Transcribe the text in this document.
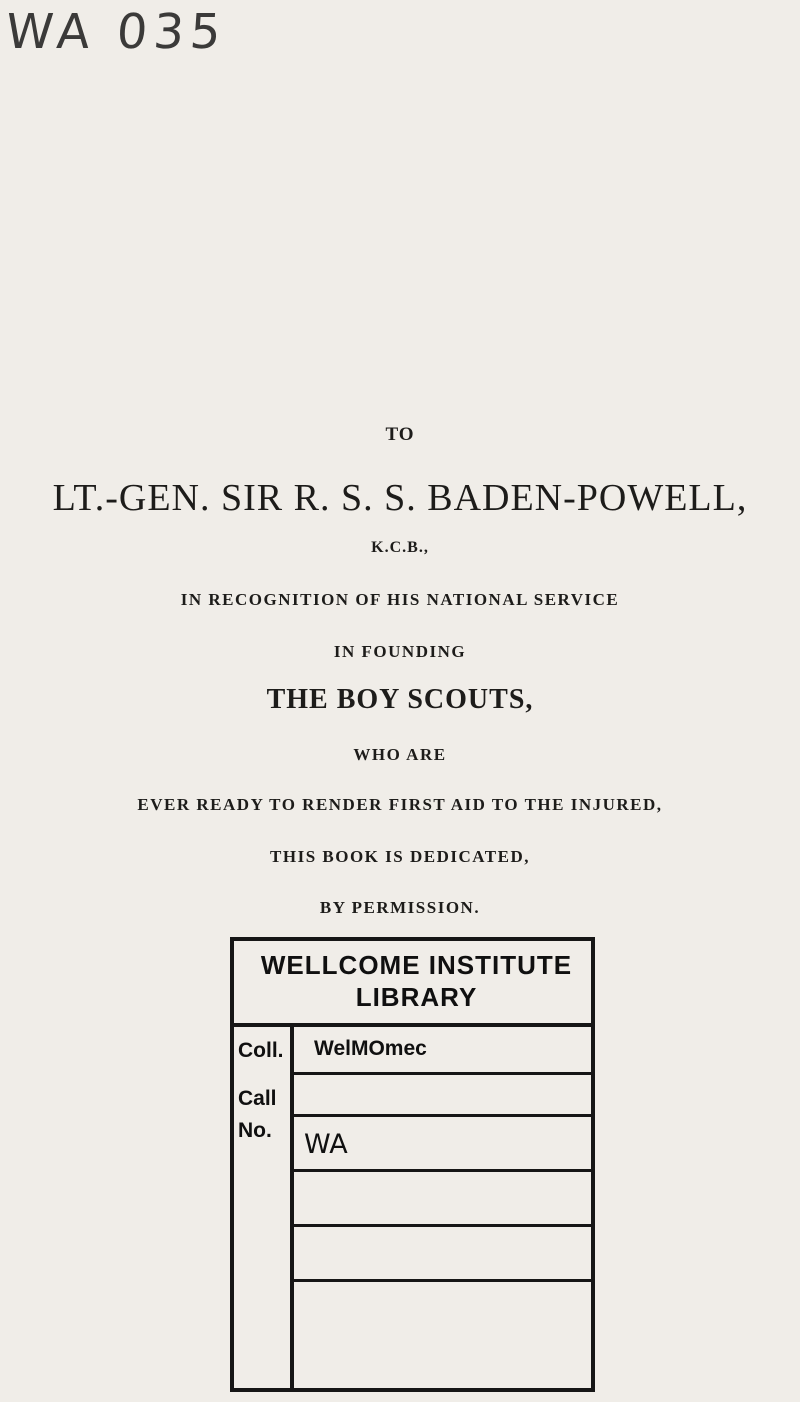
WA 035
TO
LT.-GEN. SIR R. S. S. BADEN-POWELL,
K.C.B.,
IN RECOGNITION OF HIS NATIONAL SERVICE
IN FOUNDING
THE BOY SCOUTS,
WHO ARE
EVER READY TO RENDER FIRST AID TO THE INJURED,
THIS BOOK IS DEDICATED,
BY PERMISSION.
WELLCOME INSTITUTE
LIBRARY
Coll.
Call
No.
WelMOmec
WA
